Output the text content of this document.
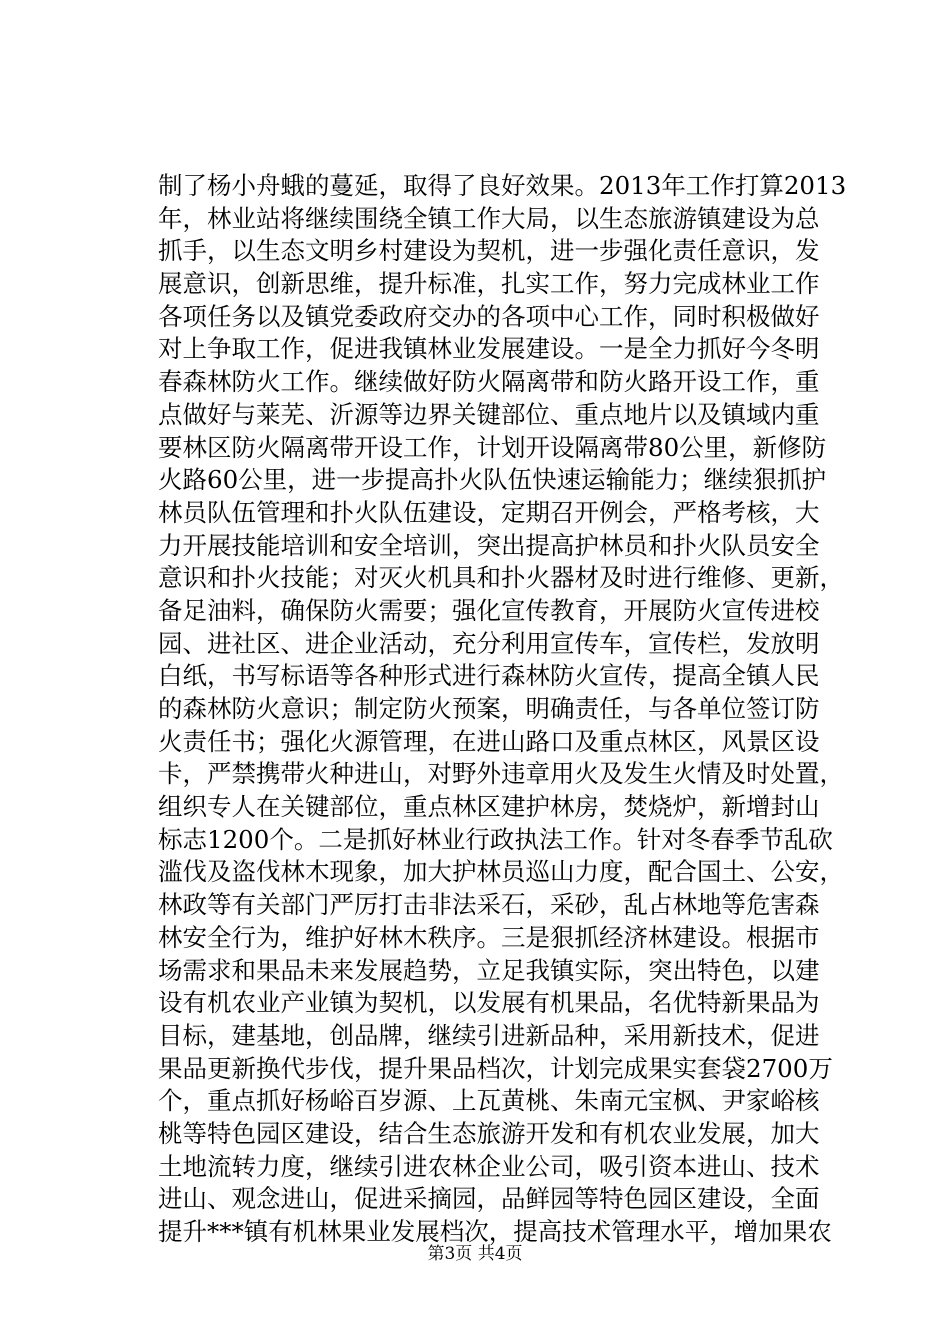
制了杨小舟蛾的蔓延，取得了良好效果。2013年工作打算2013
年，林业站将继续围绕全镇工作大局，以生态旅游镇建设为总
抓手，以生态文明乡村建设为契机，进一步强化责任意识，发
展意识，创新思维，提升标准，扎实工作，努力完成林业工作
各项任务以及镇党委政府交办的各项中心工作，同时积极做好
对上争取工作，促进我镇林业发展建设。一是全力抓好今冬明
春森林防火工作。继续做好防火隔离带和防火路开设工作，重
点做好与莱芜、沂源等边界关键部位、重点地片以及镇域内重
要林区防火隔离带开设工作，计划开设隔离带80公里，新修防
火路60公里，进一步提高扑火队伍快速运输能力；继续狠抓护
林员队伍管理和扑火队伍建设，定期召开例会，严格考核，大
力开展技能培训和安全培训，突出提高护林员和扑火队员安全
意识和扑火技能；对灭火机具和扑火器材及时进行维修、更新，
备足油料，确保防火需要；强化宣传教育，开展防火宣传进校
园、进社区、进企业活动，充分利用宣传车，宣传栏，发放明
白纸，书写标语等各种形式进行森林防火宣传，提高全镇人民
的森林防火意识；制定防火预案，明确责任，与各单位签订防
火责任书；强化火源管理，在进山路口及重点林区，风景区设
卡，严禁携带火种进山，对野外违章用火及发生火情及时处置，
组织专人在关键部位，重点林区建护林房，焚烧炉，新增封山
标志1200个。二是抓好林业行政执法工作。针对冬春季节乱砍
滥伐及盗伐林木现象，加大护林员巡山力度，配合国土、公安，
林政等有关部门严厉打击非法采石，采砂，乱占林地等危害森
林安全行为，维护好林木秩序。三是狠抓经济林建设。根据市
场需求和果品未来发展趋势，立足我镇实际，突出特色，以建
设有机农业产业镇为契机，以发展有机果品，名优特新果品为
目标，建基地，创品牌，继续引进新品种，采用新技术，促进
果品更新换代步伐，提升果品档次，计划完成果实套袋2700万
个，重点抓好杨峪百岁源、上瓦黄桃、朱南元宝枫、尹家峪核
桃等特色园区建设，结合生态旅游开发和有机农业发展，加大
土地流转力度，继续引进农林企业公司，吸引资本进山、技术
进山、观念进山，促进采摘园，品鲜园等特色园区建设，全面
提升***镇有机林果业发展档次，提高技术管理水平，增加果农
第3页 共4页
